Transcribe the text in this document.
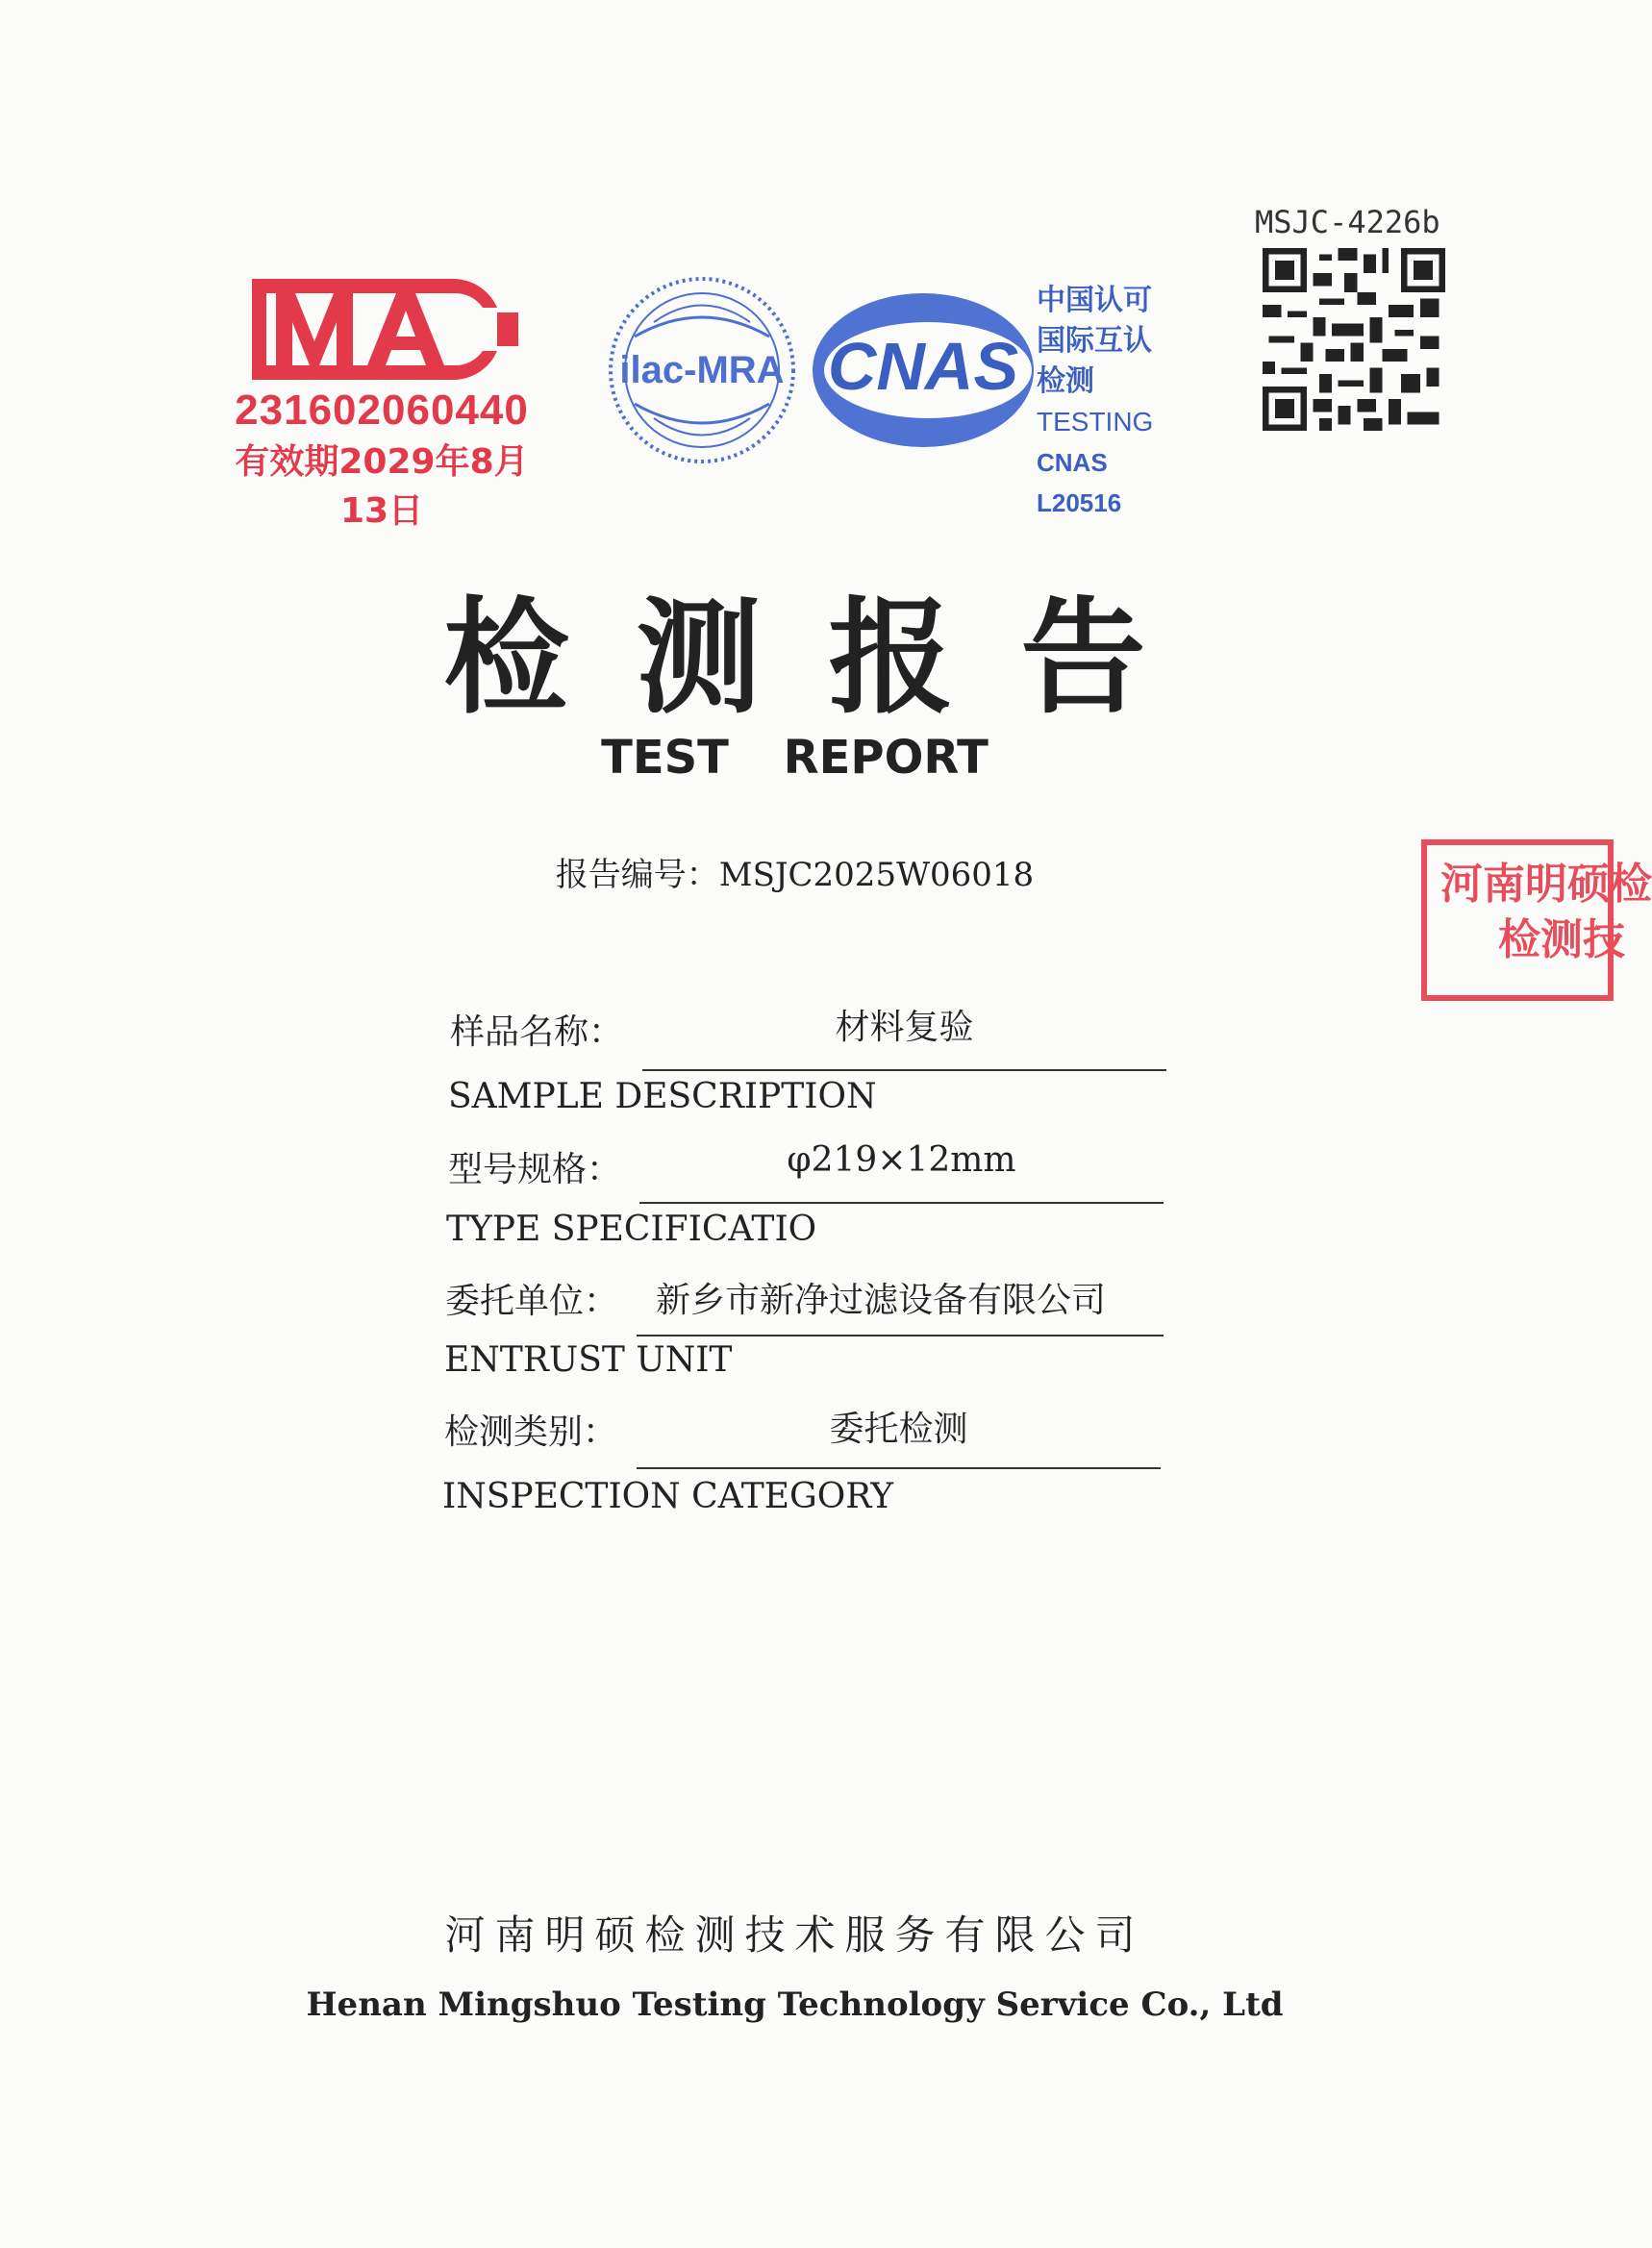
231602060440
有效期2029年8月13日
ilac-MRA CNAS
中国认可
国际互认
检测
TESTING
CNAS L20516
MSJC-4226b
检测报告
TEST REPORT
报告编号：MSJC2025W06018	河南明硕检
检测技
样品名称：	材料复验
SAMPLE DESCRIPTION
型号规格：	φ219×12mm
TYPE SPECIFICATIO
委托单位：	新乡市新净过滤设备有限公司
ENTRUST UNIT
检测类别：	委托检测
INSPECTION CATEGORY
河南明硕检测技术服务有限公司
Henan Mingshuo Testing Technology Service Co., Ltd
